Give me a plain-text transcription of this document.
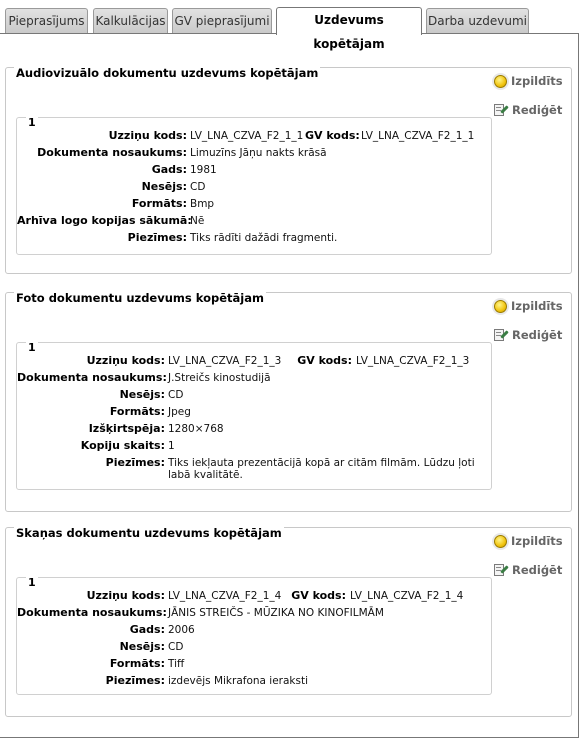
Pieprasījums Kalkulācijas GV pieprasījumi	Uzdevums kopētājam
Darba uzdevumi
Audiovizuālo dokumentu uzdevums kopētājam
Izpildīts
Rediģēt
1
Uzziņu kods: LV_LNA_CZVA_F2_1_1 GV kods: LV_LNA_CZVA_F2_1_1
Dokumenta nosaukums: Limuzīns Jāņu nakts krāsā
Gads: 1981
Nesējs: CD
Formāts: Bmp
Arhīva logo kopijas sākumā:
Nē
Piezīmes: Tiks rādīti dažādi fragmenti.
Foto dokumentu uzdevums kopētājam
Izpildīts
Rediģēt
1
Uzziņu kods: LV_LNA_CZVA_F2_1_3 GV kods: LV_LNA_CZVA_F2_1_3
Dokumenta nosaukums: J.Streičs kinostudijā
Nesējs: CD
Formāts: Jpeg
Izšķirtspēja: 1280×768
Kopiju skaits: 1
Piezīmes: Tiks iekļauta prezentācijā kopā ar citām filmām. Lūdzu ļoti labā kvalitātē.
Skaņas dokumentu uzdevums kopētājam
Izpildīts
Rediģēt
1
Uzziņu kods: LV_LNA_CZVA_F2_1_4 GV kods: LV_LNA_CZVA_F2_1_4
Dokumenta nosaukums: JĀNIS STREIČS - MŪZIKA NO KINOFILMĀM
Gads: 2006
Nesējs: CD
Formāts: Tiff
Piezīmes: izdevējs Mikrafona ieraksti
